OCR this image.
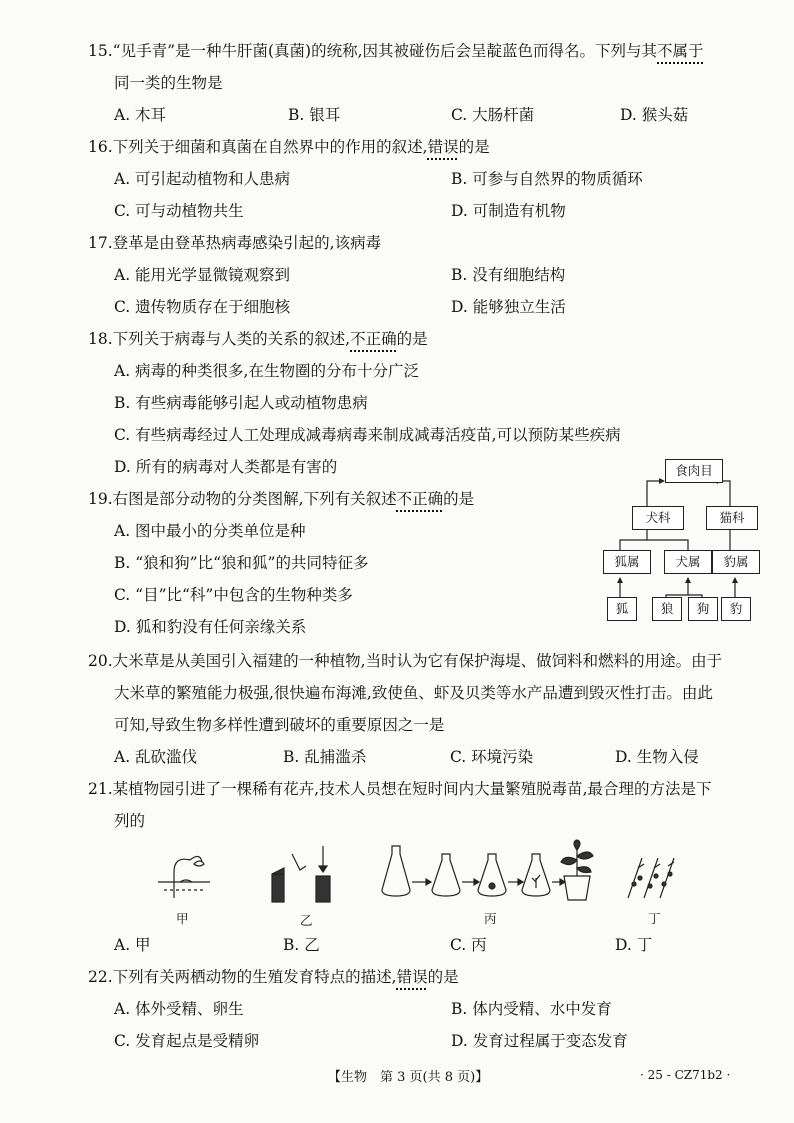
15.“见手青”是一种牛肝菌(真菌)的统称,因其被碰伤后会呈靛蓝色而得名。下列与其不属于
同一类的生物是
A. 木耳	B. 银耳	C. 大肠杆菌	D. 猴头菇
16.下列关于细菌和真菌在自然界中的作用的叙述,错误的是
A. 可引起动植物和人患病	B. 可参与自然界的物质循环
C. 可与动植物共生	D. 可制造有机物
17.登革是由登革热病毒感染引起的,该病毒
A. 能用光学显微镜观察到	B. 没有细胞结构
C. 遗传物质存在于细胞核	D. 能够独立生活
18.下列关于病毒与人类的关系的叙述,不正确的是
A. 病毒的种类很多,在生物圈的分布十分广泛
B. 有些病毒能够引起人或动植物患病
C. 有些病毒经过人工处理成减毒病毒来制成减毒活疫苗,可以预防某些疾病
D. 所有的病毒对人类都是有害的
19.右图是部分动物的分类图解,下列有关叙述不正确的是
A. 图中最小的分类单位是种
B. “狼和狗”比“狼和狐”的共同特征多
C. “目”比“科”中包含的生物种类多
D. 狐和豹没有任何亲缘关系
食肉目
犬科	猫科
狐属	犬属	豹属
狐	狼	狗	豹
20.大米草是从美国引入福建的一种植物,当时认为它有保护海堤、做饲料和燃料的用途。由于
大米草的繁殖能力极强,很快遍布海滩,致使鱼、虾及贝类等水产品遭到毁灭性打击。由此
可知,导致生物多样性遭到破坏的重要原因之一是
A. 乱砍滥伐	B. 乱捕滥杀	C. 环境污染	D. 生物入侵
21.某植物园引进了一棵稀有花卉,技术人员想在短时间内大量繁殖脱毒苗,最合理的方法是下
列的
甲	乙	丙	丁
A. 甲	B. 乙	C. 丙	D. 丁
22.下列有关两栖动物的生殖发育特点的描述,错误的是
A. 体外受精、卵生	B. 体内受精、水中发育
C. 发育起点是受精卵	D. 发育过程属于变态发育
【生物　第 3 页(共 8 页)】	· 25 - CZ71b2 ·
